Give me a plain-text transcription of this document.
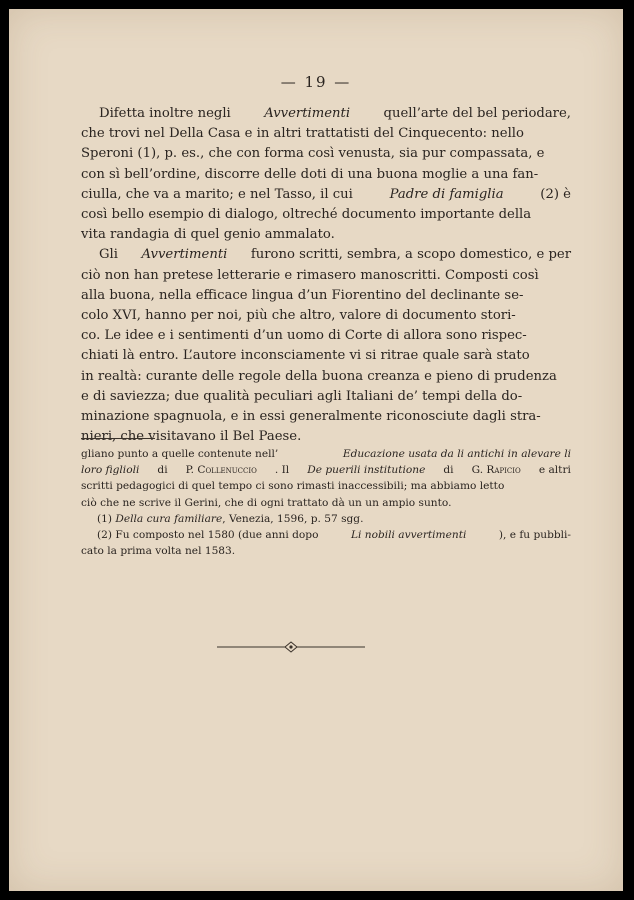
— 19 —
Difetta inoltre negli	Avvertimenti	quell’arte del bel periodare,
che trovi nel Della Casa e in altri trattatisti del Cinquecento: nello
Speroni (1), p. es., che con forma così venusta, sia pur compassata, e
con sì bell’ordine, discorre delle doti di una buona moglie a una fan-
ciulla, che va a marito; e nel Tasso, il cui	Padre di famiglia	(2) è
così bello esempio di dialogo, oltreché documento importante della
vita randagia di quel genio ammalato.
Gli Avvertimenti furono scritti, sembra, a scopo domestico, e per
ciò non han pretese letterarie e rimasero manoscritti. Composti così
alla buona, nella efficace lingua d’un Fiorentino del declinante se-
colo XVI, hanno per noi, più che altro, valore di documento stori-
co. Le idee e i sentimenti d’un uomo di Corte di allora sono rispec-
chiati là entro. L’autore inconsciamente vi si ritrae quale sarà stato
in realtà: curante delle regole della buona creanza e pieno di prudenza
e di saviezza; due qualità peculiari agli Italiani de’ tempi della do-
minazione spagnuola, e in essi generalmente riconosciute dagli stra-
nieri, che visitavano il Bel Paese.
gliano punto a quelle contenute nell’	Educazione usata da li antichi in alevare li
loro figlioli di P. Collenuccio . Il De puerili institutione di G. Rapicio e altri
scritti pedagogici di quel tempo ci sono rimasti inaccessibili; ma abbiamo letto
ciò che ne scrive il Gerini, che di ogni trattato dà un un ampio sunto.
(1)
Della cura familiare , Venezia, 1596, p. 57 sgg.
(2) Fu composto nel 1580 (due anni dopo	Li nobili avvertimenti	), e fu pubbli-
cato la prima volta nel 1583.
